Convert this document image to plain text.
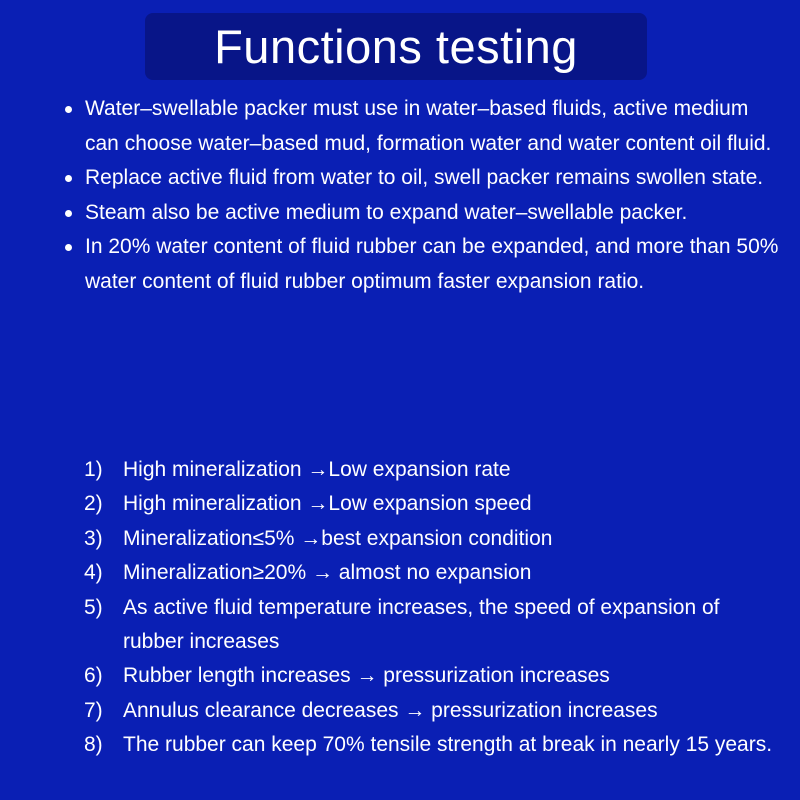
Functions testing
Water–swellable packer must use in water–based fluids, active medium can choose water–based mud, formation water and water content oil fluid.
Replace active fluid from water to oil, swell packer remains swollen state.
Steam also be active medium to expand water–swellable packer.
In 20% water content of fluid rubber can be expanded, and more than 50% water content of fluid rubber optimum faster expansion ratio.
1) High mineralization →Low expansion rate
2) High mineralization →Low expansion speed
3) Mineralization≤5% →best expansion condition
4) Mineralization≥20% → almost no expansion
5) As active fluid temperature increases, the speed of expansion of rubber increases
6) Rubber length increases → pressurization increases
7) Annulus clearance decreases → pressurization increases
8) The rubber can keep 70% tensile strength at break in nearly 15 years.
